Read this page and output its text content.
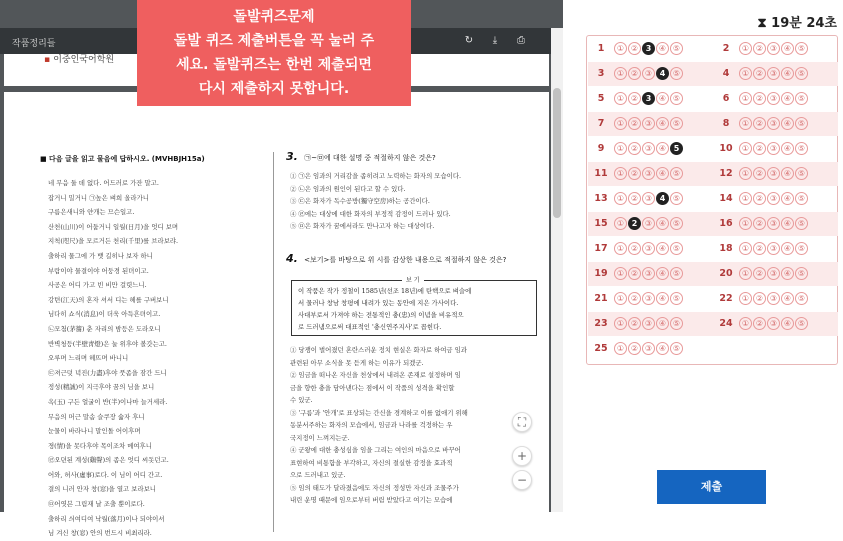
작품정리들	↻	⤓	⎙
▪ 이중인국어학원
■ 다음 글을 읽고 물음에 답하시오. (MVHBJH15a)
네 무음 둘 데 없다. 어드러로 가잔 말고.
잡거니 밀거니 ㉠높은 벼희 올라가니
구름은새니와 얀개는 므슨일고.
산천(山川)이 어둡거니 일월(日月)을 엇디 보며
지척(咫尺)을 모르거든 천리(千里)를 브라보랴.
출하리 물그에 가 뱃 길히나 보자 하니
부람이야 물결이야 어둥경 된뎌이고.
사공은 어디 가고 빈 비만 걸렷느니.
강텬(江天)의 혼자 셔서 디는 헤를 구버보니
님다히 쇼식(消息)이 더욱 아득흔뎌이고.
㉡모첨(茅簷) 춘 자리의 밤등은 도라오니
반벽청등(半壁靑燈)은 눌 위후야 볼갓는고.
오루며 느리며 헤뜨며 바니니
㉢져근덧 녁진(力盡)후야 풋좀을 잠간 드니
정성(精誠)이 지극후야 꿈의 님을 보니
옥(玉) 구든 얼굴이 반(半)이나마 늘거세라.
무음의 머근 말솜 슬쿠장 숣자 후니
눈물이 바라나니 말인돌 어이후며
졍(情)을 못다후야 목이조차 메여후니
㉣오뎐된 계성(鷄聲)의 좀은 엇디 씨돗던고.
어와, 허사(虛事)로다. 이 님이 어디 간고.
결의 니러 안자 창(窓)을 열고 보라보니
㉤어엿븐 그림재 날 조출 뿐이로다.
출하리 싀여디여 낙월(落月)이나 되야이셔
님 겨신 창(窓) 안의 번드시 비최리라.
3. ㉠~㉤에 대한 설명 중 적절하지 않은 것은?
① ㉠은 임과의 거리감을 좁히려고 노력하는 화자의 모습이다.
② ㉡은 임과의 원인이 된다고 할 수 있다.
③ ㉢은 화자가 독수공방(獨守空房)하는 공간이다.
④ ㉣에는 대상에 대한 화자의 부정적 감정이 드러나 있다.
⑤ ㉤은 화자가 꿈에서라도 만나고자 하는 대상이다.
4. <보기>를 바탕으로 위 시를 감상한 내용으로 적절하지 않은 것은?
보 기
이 작품은 작가 정철이 1585년(선조 18년)에 탄핵으로 벼슬에
서 물러나 창남 창평에 내려가 있는 동안에 지은 가사이다.
사대부로서 가져야 하는 전통적인 충(忠)의 이념을 비유적으
로 드러냄으로써 대표적인 '충신연주지사'로 꼽힌다.
① 당쟁이 벌어졌던 혼란스러운 정치 현실은 화자로 하여금 임과
관련된 아무 소식을 못 듣게 하는 이유가 되겠군.
② 임금을 떠나온 자신을 천상에서 내려온 존재로 설정하며 임
금을 향한 충을 담아낸다는 점에서 이 작품의 성격을 확인할
수 있군.
③ '구름'과 '안개'로 표상되는 간신을 경계하고 이를 없애기 위해
동분서주하는 화자의 모습에서, 임금과 나라를 걱정하는 우
국지정이 느껴지는군.
④ 군왕에 대한 충성심을 임을 그리는 여인의 마음으로 바꾸어
표현하여 비통함을 부각하고, 자신의 절실한 감정을 효과적
으로 드러내고 있군.
⑤ 임의 태도가 달라졌음에도 자신의 정성만 자신과 조물주가
내린 운명 때문에 임으로부터 버림 받았다고 여기는 모습에
⛶
+
−
돌발퀴즈문제
돌발 퀴즈 제출버튼을 꼭 눌러 주
세요. 돌발퀴즈는 한번 제출되면
다시 제출하지 못합니다.
⧗ 19분 24초
1	① ② 3 ④ ⑤	2	① ② ③ ④ ⑤
3	① ② ③ 4 ⑤	4	① ② ③ ④ ⑤
5	① ② 3 ④ ⑤	6	① ② ③ ④ ⑤
7	① ② ③ ④ ⑤	8	① ② ③ ④ ⑤
9	① ② ③ ④ 5	10	① ② ③ ④ ⑤
11	① ② ③ ④ ⑤	12	① ② ③ ④ ⑤
13	① ② ③ 4 ⑤	14	① ② ③ ④ ⑤
15	① 2 ③ ④ ⑤	16	① ② ③ ④ ⑤
17	① ② ③ ④ ⑤	18	① ② ③ ④ ⑤
19	① ② ③ ④ ⑤	20	① ② ③ ④ ⑤
21	① ② ③ ④ ⑤	22	① ② ③ ④ ⑤
23	① ② ③ ④ ⑤	24	① ② ③ ④ ⑤
25	① ② ③ ④ ⑤
제출
